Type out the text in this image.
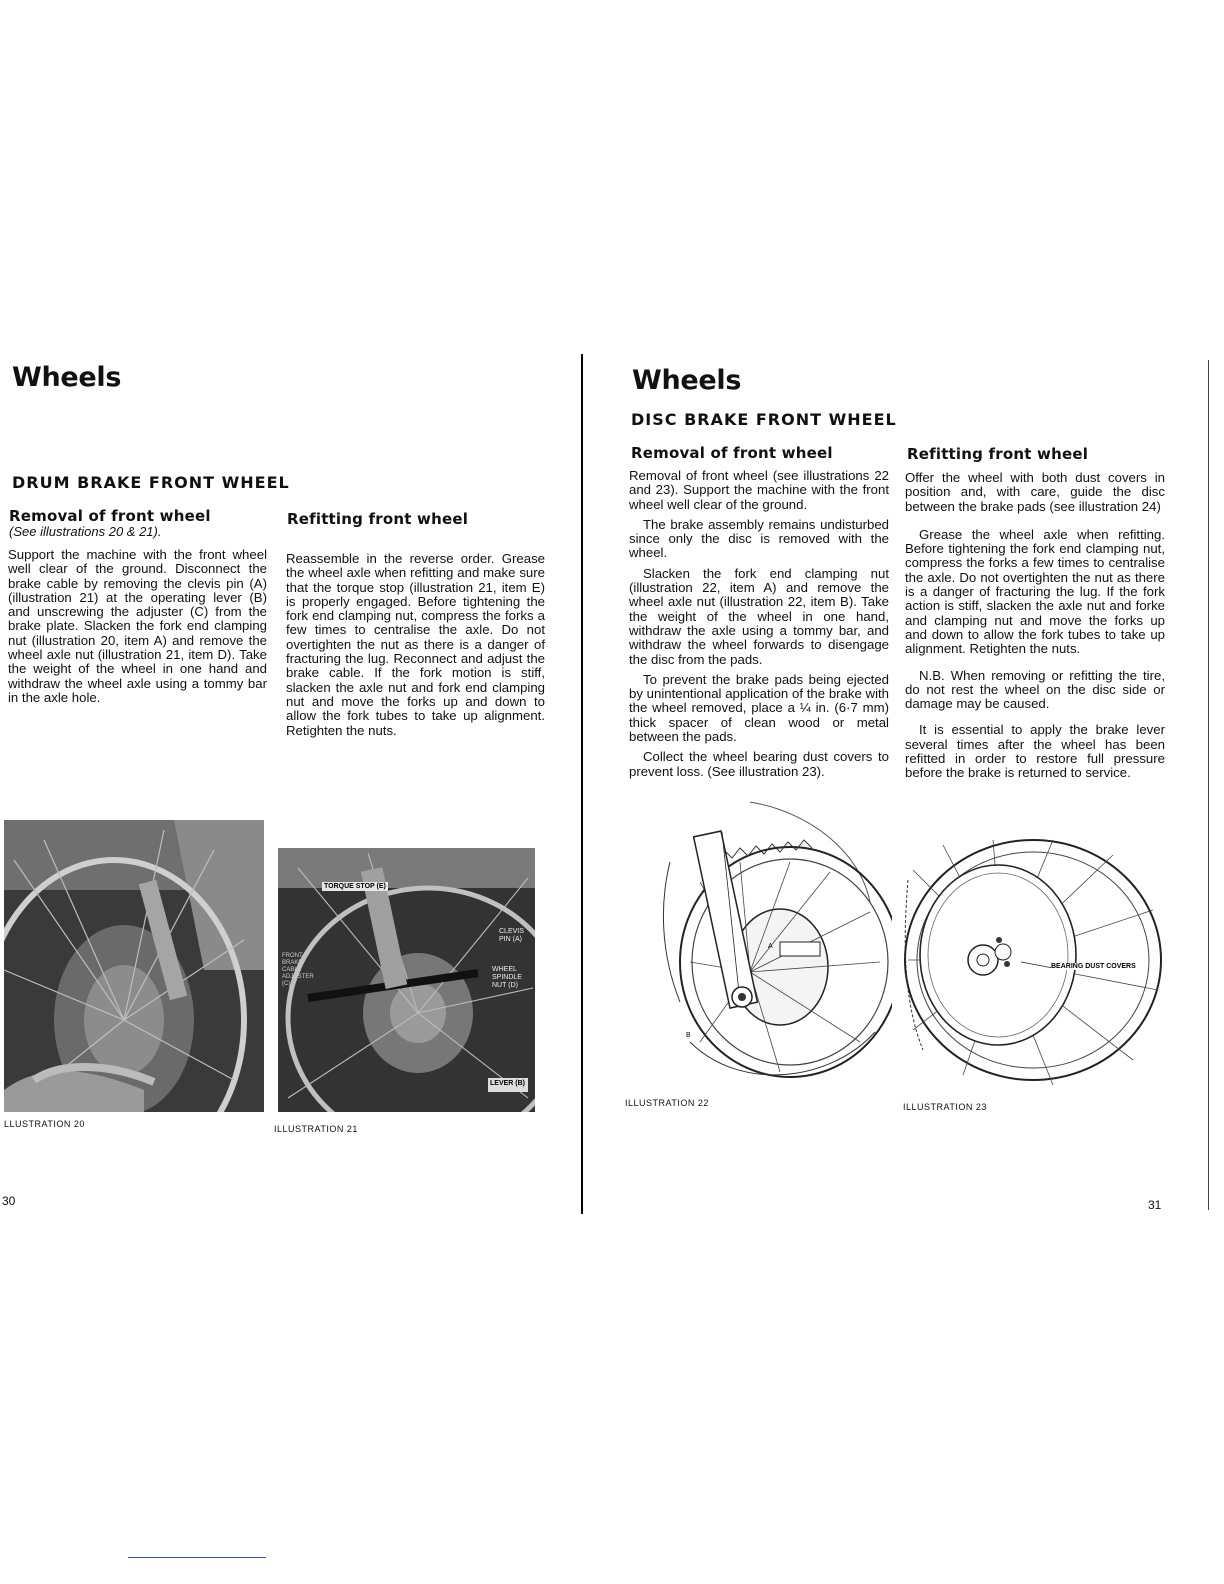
Wheels
DRUM BRAKE FRONT WHEEL
Removal of front wheel
(See illustrations 20 & 21).
Support the machine with the front wheel well clear of the ground. Disconnect the brake cable by removing the clevis pin (A) (illustration 21) at the operating lever (B) and unscrewing the adjuster (C) from the brake plate. Slacken the fork end clamping nut (illustration 20, item A) and remove the wheel axle nut (illustration 21, item D). Take the weight of the wheel in one hand and withdraw the wheel axle using a tommy bar in the axle hole.
Refitting front wheel
Reassemble in the reverse order. Grease the wheel axle when refitting and make sure that the torque stop (illustration 21, item E) is properly engaged. Before tightening the fork end clamping nut, compress the forks a few times to centralise the axle. Do not overtighten the nut as there is a danger of fracturing the lug. Reconnect and adjust the brake cable. If the fork motion is stiff, slacken the axle nut and fork end clamping nut and move the forks up and down to allow the fork tubes to take up alignment. Retighten the nuts.
LLUSTRATION 20
TORQUE STOP (E)
CLEVIS PIN (A)
WHEEL SPINDLE NUT (D)
FRONT BRAKE CABLE ADJUSTER (C)
LEVER (B)
ILLUSTRATION 21
30
Wheels
DISC BRAKE FRONT WHEEL
Removal of front wheel

Removal of front wheel (see illustrations 22 and 23). Support the machine with the front wheel well clear of the ground.

The brake assembly remains undisturbed since only the disc is removed with the wheel.

Slacken the fork end clamping nut (illustration 22, item A) and remove the wheel axle nut (illustration 22, item B). Take the weight of the wheel in one hand, withdraw the axle using a tommy bar, and withdraw the wheel forwards to disengage the disc from the pads.

To prevent the brake pads being ejected by unintentional application of the brake with the wheel removed, place a ¼ in. (6·7 mm) thick spacer of clean wood or metal between the pads.

Collect the wheel bearing dust covers to prevent loss. (See illustration 23).

Refitting front wheel

Offer the wheel with both dust covers in position and, with care, guide the disc between the brake pads (see illustration 24)

Grease the wheel axle when refitting. Before tightening the fork end clamping nut, compress the forks a few times to centralise the axle. Do not overtighten the nut as there is a danger of fracturing the lug. If the fork action is stiff, slacken the axle nut and forke and clamping nut and move the forks up and down to allow the fork tubes to take up alignment. Retighten the nuts.

N.B. When removing or refitting the tire, do not rest the wheel on the disc side or damage may be caused.

It is essential to apply the brake lever several times after the wheel has been refitted in order to restore full pressure before the brake is returned to service.

A
B
ILLUSTRATION 22
BEARING DUST COVERS
ILLUSTRATION 23
31
